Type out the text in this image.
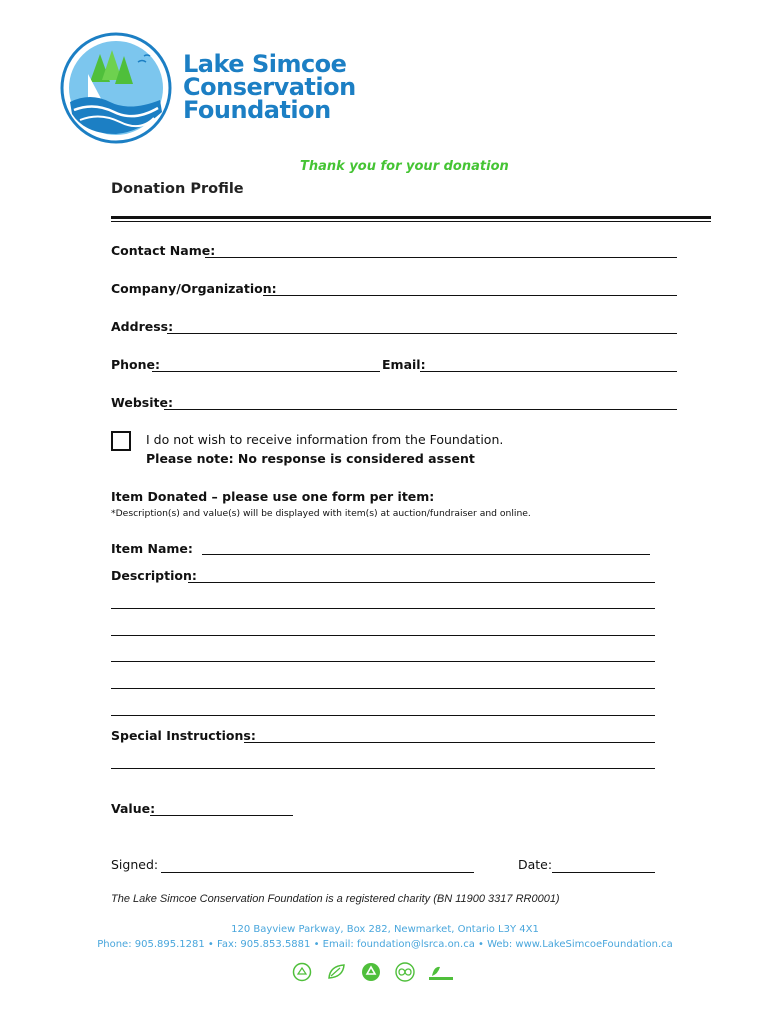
Lake Simcoe
Conservation
Foundation
Thank you for your donation
Donation Profile
Contact Name:
Company/Organization:
Address:
Phone:	Email:
Website:
I do not wish to receive information from the Foundation.
Please note: No response is considered assent
Item Donated – please use one form per item:
*Description(s) and value(s) will be displayed with item(s) at auction/fundraiser and online.
Item Name:
Description:
Special Instructions:
Value:
Signed:	Date:
The Lake Simcoe Conservation Foundation is a registered charity (BN 11900 3317 RR0001)
120 Bayview Parkway, Box 282, Newmarket, Ontario L3Y 4X1
Phone: 905.895.1281 • Fax: 905.853.5881 • Email: foundation@lsrca.on.ca • Web: www.LakeSimcoeFoundation.ca
